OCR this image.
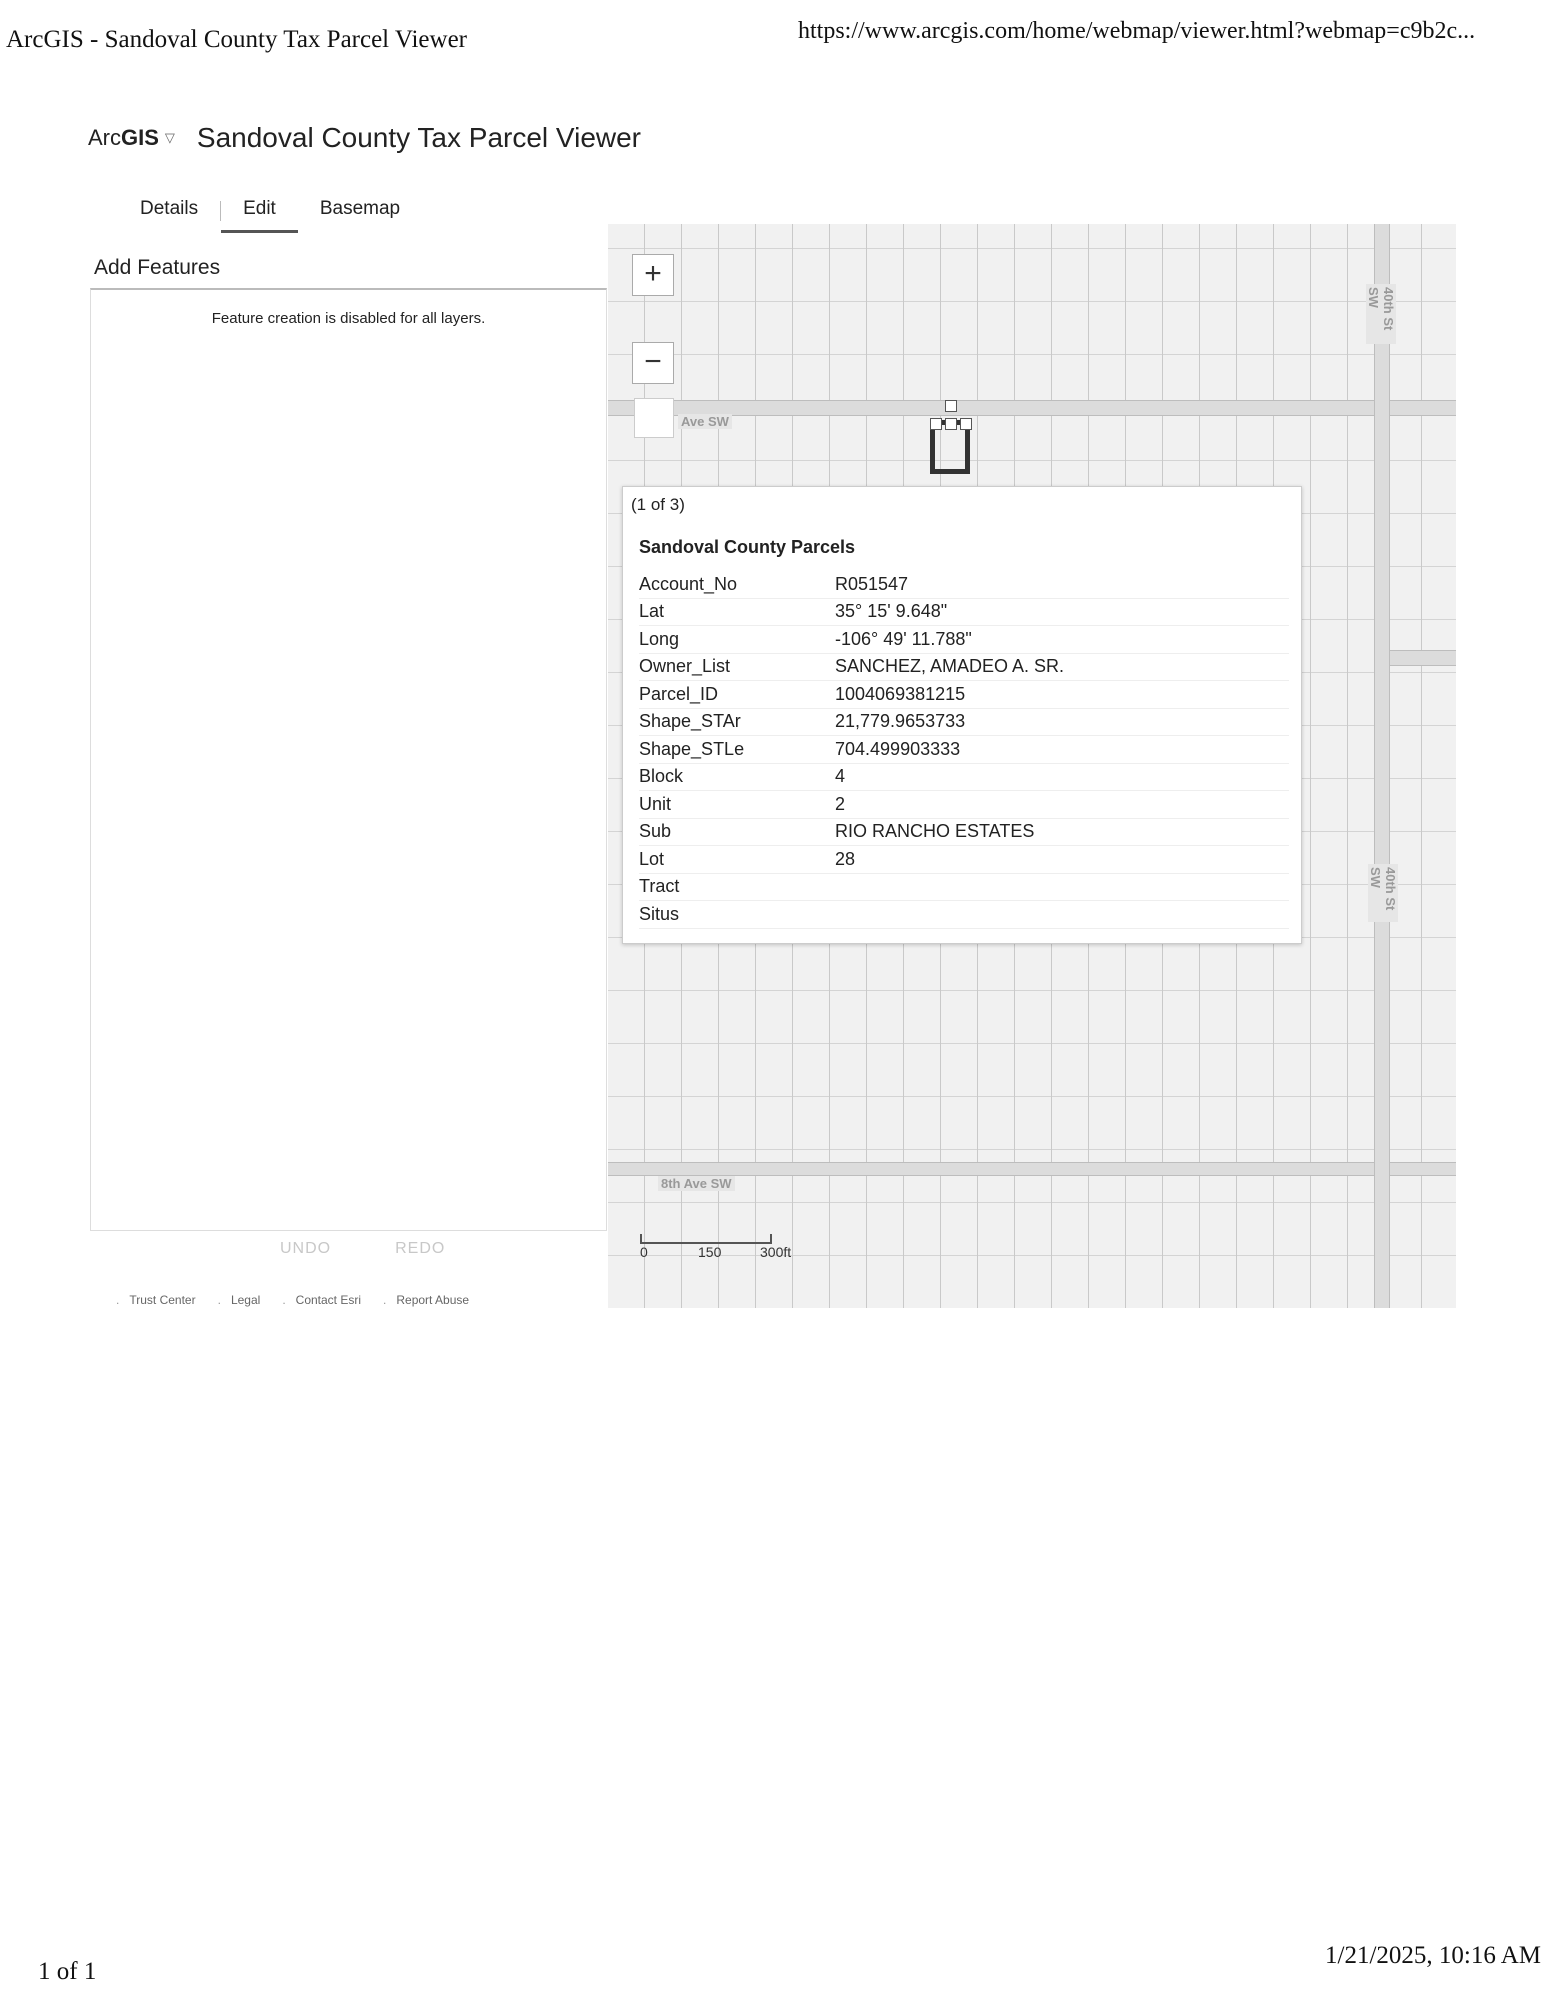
ArcGIS - Sandoval County Tax Parcel Viewer	https://www.arcgis.com/home/webmap/viewer.html?webmap=c9b2c...
ArcGIS ▽ Sandoval County Tax Parcel Viewer
Details	Edit	Basemap
Add Features
Feature creation is disabled for all layers.
UNDO	REDO
. Trust Center	. Legal	. Contact Esri	. Report Abuse
Ave SW
8th Ave SW
40th St SW
40th St SW
+
−
(1 of 3)
Sandoval County Parcels
Account_No	R051547
Lat	35° 15' 9.648"
Long	-106° 49' 11.788"
Owner_List	SANCHEZ, AMADEO A. SR.
Parcel_ID	1004069381215
Shape_STAr	21,779.9653733
Shape_STLe	704.499903333
Block	4
Unit	2
Sub	RIO RANCHO ESTATES
Lot	28
Tract	
Situs	
0	150	300ft
1 of 1
1/21/2025, 10:16 AM
